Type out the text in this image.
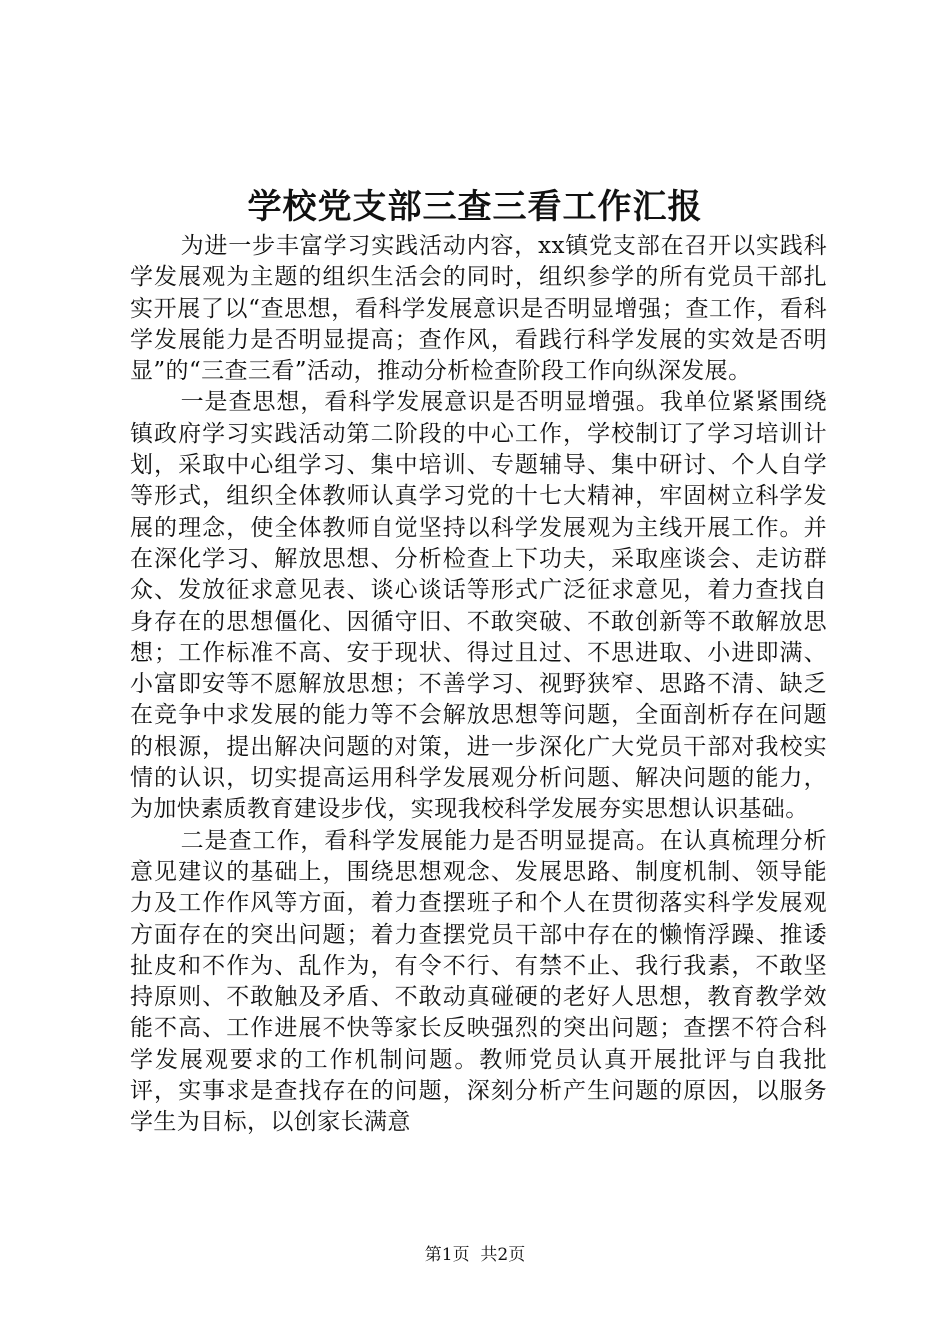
学校党支部三查三看工作汇报

为进一步丰富学习实践活动内容，xx镇党支部在召开以实践科学发展观为主题的组织生活会的同时，组织参学的所有党员干部扎实开展了以“查思想，看科学发展意识是否明显增强；查工作，看科学发展能力是否明显提高；查作风，看践行科学发展的实效是否明显”的“三查三看”活动，推动分析检查阶段工作向纵深发展。

一是查思想，看科学发展意识是否明显增强。我单位紧紧围绕镇政府学习实践活动第二阶段的中心工作，学校制订了学习培训计划，采取中心组学习、集中培训、专题辅导、集中研讨、个人自学等形式，组织全体教师认真学习党的十七大精神，牢固树立科学发展的理念，使全体教师自觉坚持以科学发展观为主线开展工作。并在深化学习、解放思想、分析检查上下功夫，采取座谈会、走访群众、发放征求意见表、谈心谈话等形式广泛征求意见，着力查找自身存在的思想僵化、因循守旧、不敢突破、不敢创新等不敢解放思想；工作标准不高、安于现状、得过且过、不思进取、小进即满、小富即安等不愿解放思想；不善学习、视野狭窄、思路不清、缺乏在竞争中求发展的能力等不会解放思想等问题，全面剖析存在问题的根源，提出解决问题的对策，进一步深化广大党员干部对我校实情的认识，切实提高运用科学发展观分析问题、解决问题的能力，为加快素质教育建设步伐，实现我校科学发展夯实思想认识基础。

二是查工作，看科学发展能力是否明显提高。在认真梳理分析意见建议的基础上，围绕思想观念、发展思路、制度机制、领导能力及工作作风等方面，着力查摆班子和个人在贯彻落实科学发展观方面存在的突出问题；着力查摆党员干部中存在的懒惰浮躁、推诿扯皮和不作为、乱作为，有令不行、有禁不止、我行我素，不敢坚持原则、不敢触及矛盾、不敢动真碰硬的老好人思想，教育教学效能不高、工作进展不快等家长反映强烈的突出问题；查摆不符合科学发展观要求的工作机制问题。教师党员认真开展批评与自我批评，实事求是查找存在的问题，深刻分析产生问题的原因，以服务学生为目标，以创家长满意

第1页 共2页
